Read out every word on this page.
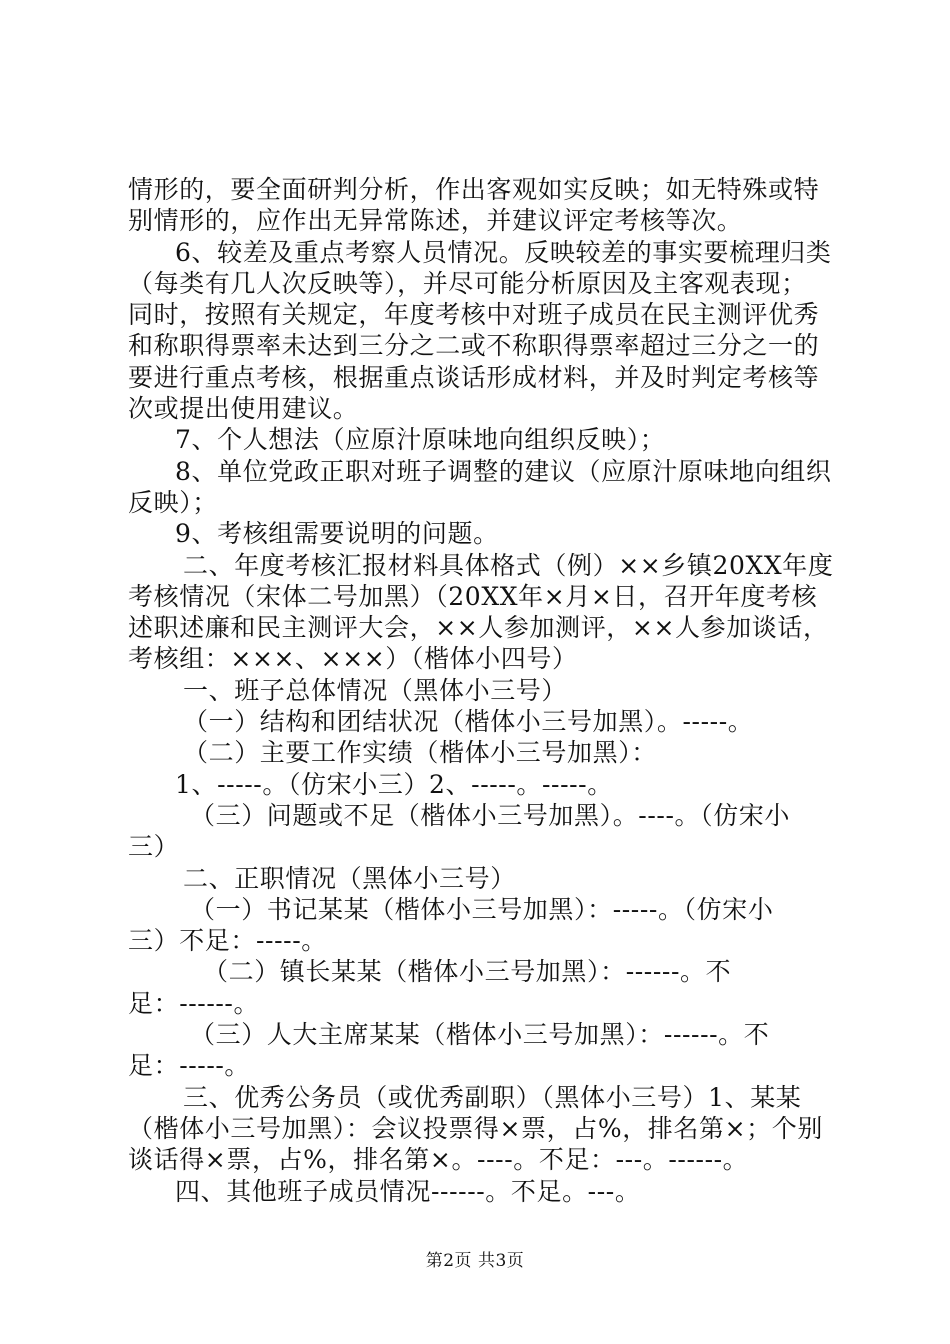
情形的，要全面研判分析，作出客观如实反映；如无特殊或特
别情形的，应作出无异常陈述，并建议评定考核等次。
6、较差及重点考察人员情况。反映较差的事实要梳理归类
（每类有几人次反映等），并尽可能分析原因及主客观表现；
同时，按照有关规定，年度考核中对班子成员在民主测评优秀
和称职得票率未达到三分之二或不称职得票率超过三分之一的
要进行重点考核，根据重点谈话形成材料，并及时判定考核等
次或提出使用建议。
7、个人想法（应原汁原味地向组织反映）；
8、单位党政正职对班子调整的建议（应原汁原味地向组织
反映）；
9、考核组需要说明的问题。
二、年度考核汇报材料具体格式（例）××乡镇20XX年度
考核情况（宋体二号加黑）（20XX年×月×日，召开年度考核
述职述廉和民主测评大会，××人参加测评，××人参加谈话，
考核组：×××、×××）（楷体小四号）
一、班子总体情况（黑体小三号）
（一）结构和团结状况（楷体小三号加黑）。-----。
（二）主要工作实绩（楷体小三号加黑）：
1、-----。（仿宋小三）2、-----。-----。
（三）问题或不足（楷体小三号加黑）。----。（仿宋小
三）
二、正职情况（黑体小三号）
（一）书记某某（楷体小三号加黑）：-----。（仿宋小
三）不足：-----。
（二）镇长某某（楷体小三号加黑）：------。不
足：------。
（三）人大主席某某（楷体小三号加黑）：------。不
足：-----。
三、优秀公务员（或优秀副职）（黑体小三号）1、某某
（楷体小三号加黑）：会议投票得×票，占%，排名第×；个别
谈话得×票，占%，排名第×。----。不足：---。------。
四、其他班子成员情况------。不足。---。
第2页 共3页
